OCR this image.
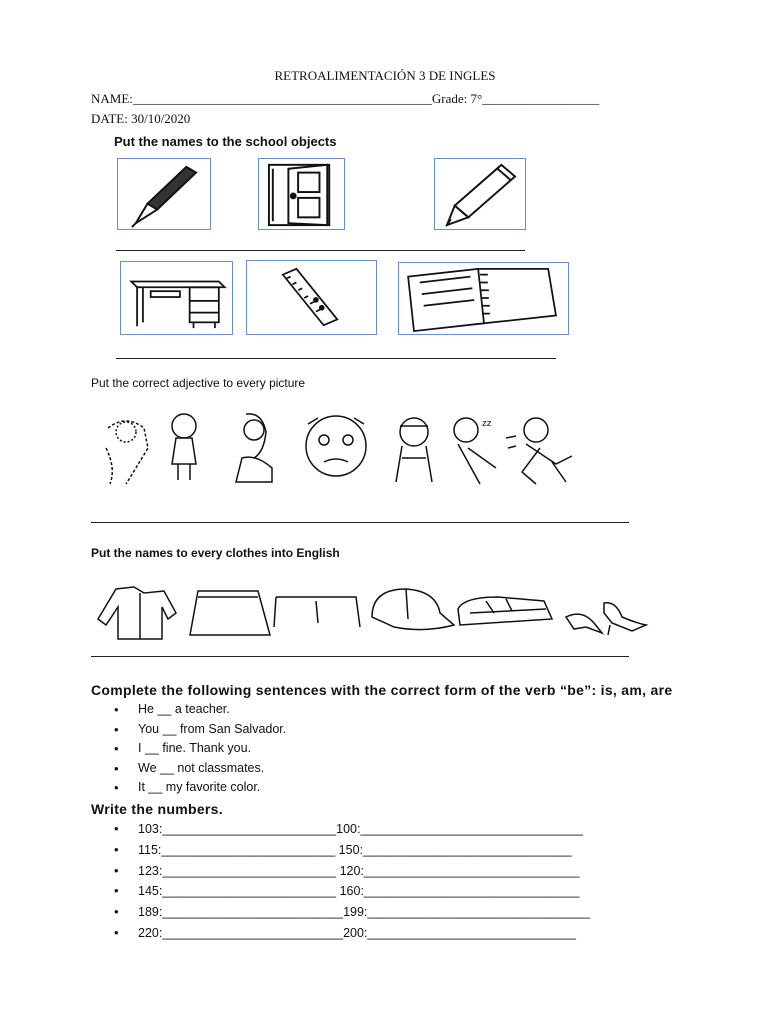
RETROALIMENTACIÓN 3 DE INGLES
NAME:______________________________________________Grade: 7°__________________
DATE: 30/10/2020
Put the names to the school objects
Put the correct adjective to every picture
zz
Put the names to every clothes into English
Complete the following sentences with the correct form of the verb “be”: is, am, are
• He __ a teacher.
• You __ from San Salvador.
• I __ fine. Thank you.
• We __ not classmates.
• It __ my favorite color.
Write the numbers.
• 103:_________________________100:________________________________
• 115:_________________________ 150:______________________________
• 123:_________________________ 120:_______________________________
• 145:_________________________ 160:_______________________________
• 189:__________________________199:________________________________
• 220:__________________________200:______________________________
